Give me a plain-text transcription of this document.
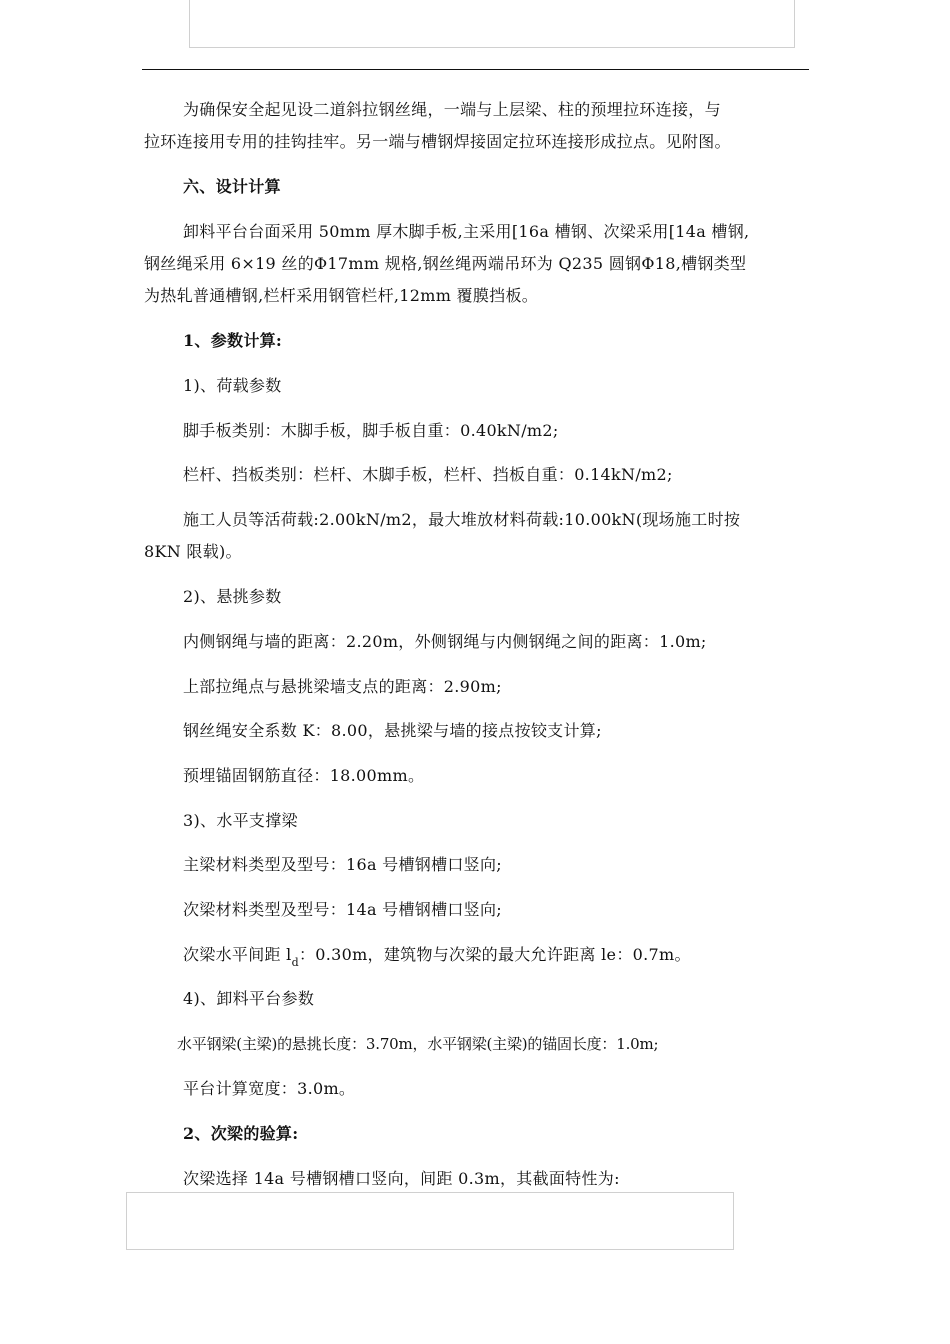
为确保安全起见设二道斜拉钢丝绳，一端与上层梁、柱的预埋拉环连接，与
拉环连接用专用的挂钩挂牢。另一端与槽钢焊接固定拉环连接形成拉点。见附图。
六、设计计算
卸料平台台面采用 50mm 厚木脚手板,主采用[16a 槽钢、次梁采用[14a 槽钢,
钢丝绳采用 6×19 丝的Φ17mm 规格,钢丝绳两端吊环为 Q235 圆钢Φ18,槽钢类型
为热轧普通槽钢,栏杆采用钢管栏杆,12mm 覆膜挡板。
1、参数计算:
1)、荷载参数
脚手板类别：木脚手板，脚手板自重：0.40kN/m2;
栏杆、挡板类别：栏杆、木脚手板，栏杆、挡板自重：0.14kN/m2;
施工人员等活荷载:2.00kN/m2，最大堆放材料荷载:10.00kN(现场施工时按
8KN 限载)。
2)、悬挑参数
内侧钢绳与墙的距离：2.20m，外侧钢绳与内侧钢绳之间的距离：1.0m;
上部拉绳点与悬挑梁墙支点的距离：2.90m;
钢丝绳安全系数 K：8.00，悬挑梁与墙的接点按铰支计算;
预埋锚固钢筋直径：18.00mm。
3)、水平支撑梁
主梁材料类型及型号：16a 号槽钢槽口竖向;
次梁材料类型及型号：14a 号槽钢槽口竖向;
次梁水平间距 $l_d$：0.30m，建筑物与次梁的最大允许距离 le：0.7m。
4)、卸料平台参数
水平钢梁(主梁)的悬挑长度：3.70m，水平钢梁(主梁)的锚固长度：1.0m;
平台计算宽度：3.0m。
2、次梁的验算:
次梁选择 14a 号槽钢槽口竖向，间距 0.3m，其截面特性为:
